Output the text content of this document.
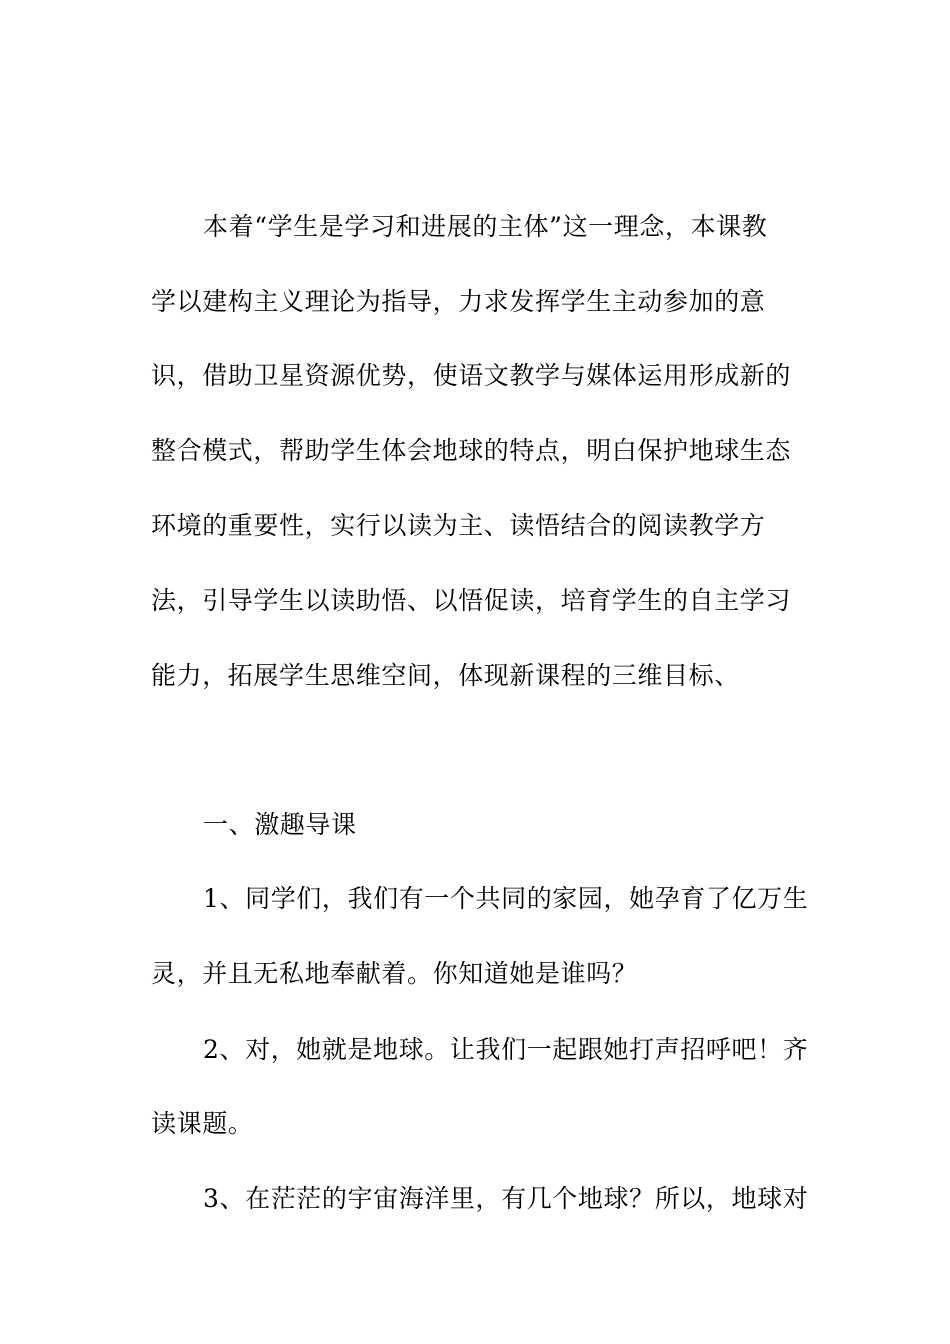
本着“学生是学习和进展的主体”这一理念，本课教
学以建构主义理论为指导，力求发挥学生主动参加的意
识，借助卫星资源优势，使语文教学与媒体运用形成新的
整合模式，帮助学生体会地球的特点，明白保护地球生态
环境的重要性，实行以读为主、读悟结合的阅读教学方
法，引导学生以读助悟、以悟促读，培育学生的自主学习
能力，拓展学生思维空间，体现新课程的三维目标、
一、激趣导课
1、同学们，我们有一个共同的家园，她孕育了亿万生
灵，并且无私地奉献着。你知道她是谁吗？
2、对，她就是地球。让我们一起跟她打声招呼吧！齐
读课题。
3、在茫茫的宇宙海洋里，有几个地球？所以，地球对
